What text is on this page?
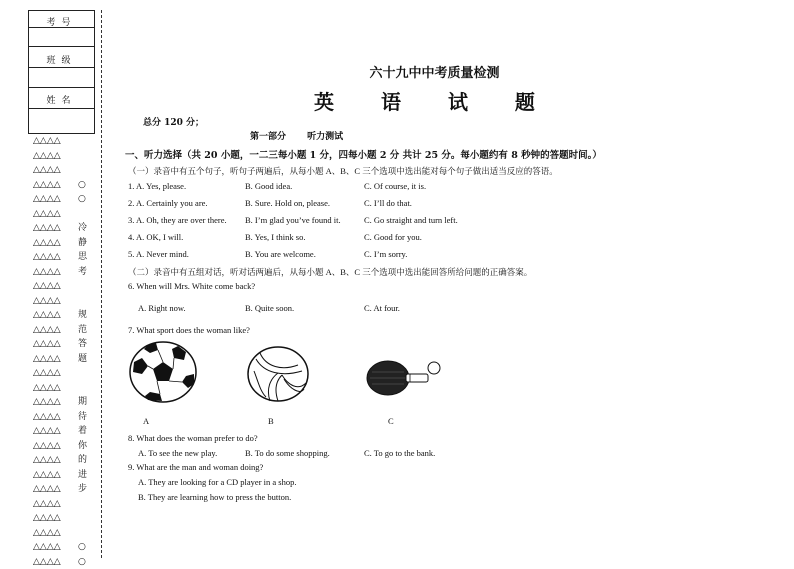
考号
班级
姓名
△△△△
△△△△
△△△△
△△△△ ○
△△△△ ○
△△△△
△△△△ 冷
△△△△ 静
△△△△ 思
△△△△ 考
△△△△
△△△△
△△△△ 规
△△△△ 范
△△△△ 答
△△△△ 题
△△△△
△△△△
△△△△ 期
△△△△ 待
△△△△ 着
△△△△ 你
△△△△ 的
△△△△ 进
△△△△ 步
△△△△
△△△△
△△△△
△△△△ ○
△△△△ ○
六十九中中考质量检测
英 语 试 题
总分 120 分；
第一部分 听力测试
一、听力选择（共 20 小题，一二三每小题 1 分，四每小题 2 分 共计 25 分。每小题约有 8 秒钟的答题时间。）
（一）录音中有五个句子，听句子两遍后，从每小题 A、B、C 三个选项中选出能对每个句子做出适当反应的答语。
1. A. Yes, please.	B. Good idea.	C. Of course, it is.
2. A. Certainly you are.	B. Sure. Hold on, please.	C. I’ll do that.
3. A. Oh, they are over there. B. I’m glad you’ve found it.	C. Go straight and turn left.
4. A. OK, I will.	B. Yes, I think so.	C. Good for you.
5. A. Never mind.	B. You are welcome.	C. I’m sorry.
（二）录音中有五组对话，听对话两遍后，从每小题 A、B、C 三个选项中选出能回答所给问题的正确答案。
6. When will Mrs. White come back?
A. Right now.	B. Quite soon.	C. At four.
7. What sport does the woman like?
A	B	C
8. What does the woman prefer to do?
A. To see the new play.	B. To do some shopping.	C. To go to the bank.
9. What are the man and woman doing?
A. They are looking for a CD player in a shop.
B. They are learning how to press the button.
